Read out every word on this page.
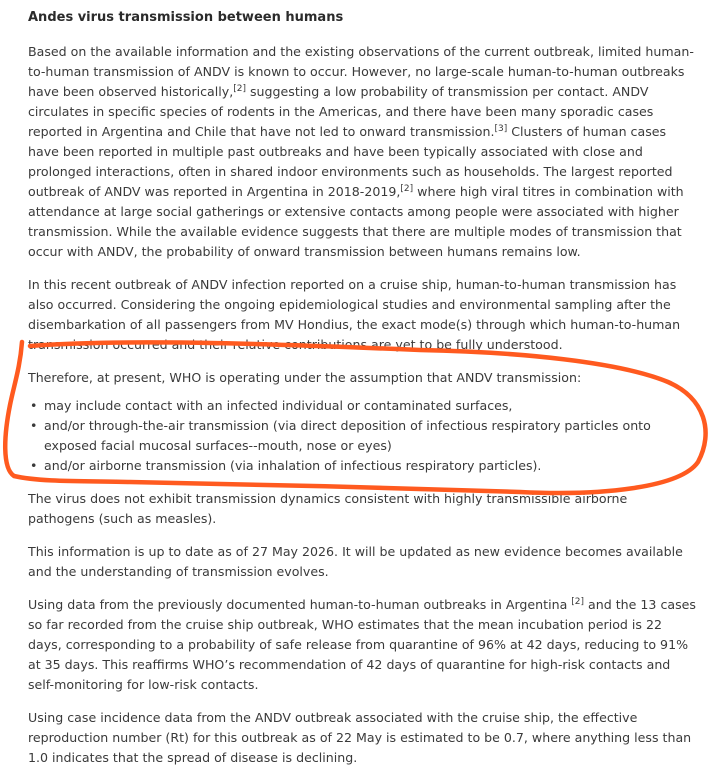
Andes virus transmission between humans

Based on the available information and the existing observations of the current outbreak, limited human-to-human transmission of ANDV is known to occur. However, no large-scale human-to-human outbreaks have been observed historically,[2] suggesting a low probability of transmission per contact. ANDV circulates in specific species of rodents in the Americas, and there have been many sporadic cases reported in Argentina and Chile that have not led to onward transmission.[3] Clusters of human cases have been reported in multiple past outbreaks and have been typically associated with close and prolonged interactions, often in shared indoor environments such as households. The largest reported outbreak of ANDV was reported in Argentina in 2018-2019,[2] where high viral titres in combination with attendance at large social gatherings or extensive contacts among people were associated with higher transmission. While the available evidence suggests that there are multiple modes of transmission that occur with ANDV, the probability of onward transmission between humans remains low.

In this recent outbreak of ANDV infection reported on a cruise ship, human-to-human transmission has also occurred. Considering the ongoing epidemiological studies and environmental sampling after the disembarkation of all passengers from MV Hondius, the exact mode(s) through which human-to-human transmission occurred and their relative contributions are yet to be fully understood.

Therefore, at present, WHO is operating under the assumption that ANDV transmission:

• may include contact with an infected individual or contaminated surfaces,
• and/or through-the-air transmission (via direct deposition of infectious respiratory particles onto exposed facial mucosal surfaces--mouth, nose or eyes)
• and/or airborne transmission (via inhalation of infectious respiratory particles).

The virus does not exhibit transmission dynamics consistent with highly transmissible airborne pathogens (such as measles).

This information is up to date as of 27 May 2026. It will be updated as new evidence becomes available and the understanding of transmission evolves.

Using data from the previously documented human-to-human outbreaks in Argentina [2] and the 13 cases so far recorded from the cruise ship outbreak, WHO estimates that the mean incubation period is 22 days, corresponding to a probability of safe release from quarantine of 96% at 42 days, reducing to 91% at 35 days. This reaffirms WHO’s recommendation of 42 days of quarantine for high-risk contacts and self-monitoring for low-risk contacts.

Using case incidence data from the ANDV outbreak associated with the cruise ship, the effective reproduction number (Rt) for this outbreak as of 22 May is estimated to be 0.7, where anything less than 1.0 indicates that the spread of disease is declining.
